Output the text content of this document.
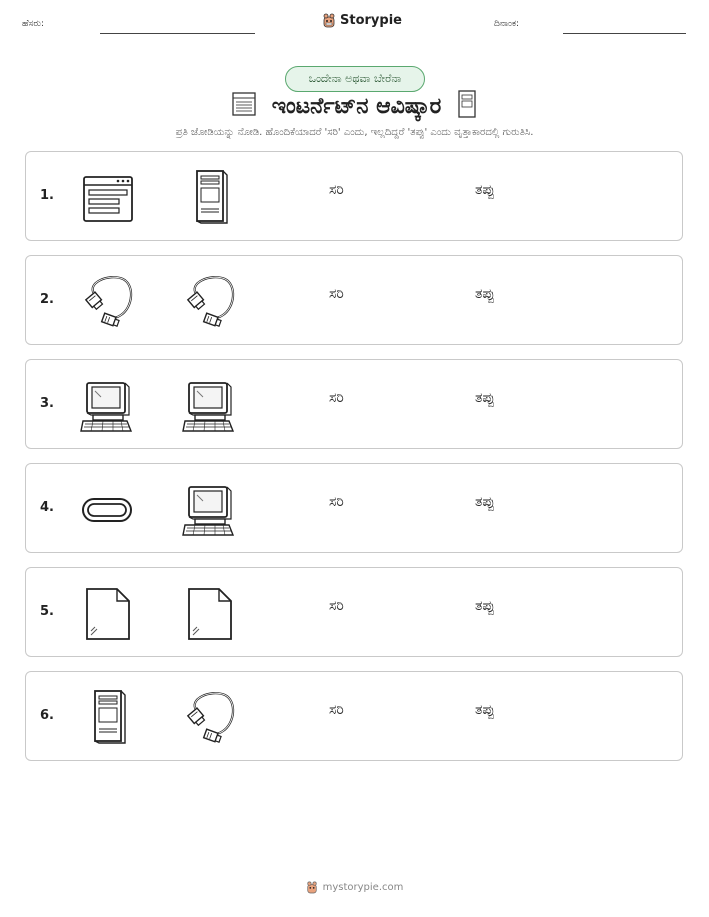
ಹೆಸರು:	Storypie	ದಿನಾಂಕ:
ಒಂದೇನಾ ಅಥವಾ ಬೇರೆನಾ
ಇಂಟರ್ನೆಟ್‌ನ ಆವಿಷ್ಕಾರ
ಪ್ರತಿ ಜೋಡಿಯನ್ನು ನೋಡಿ. ಹೊಂದಿಕೆಯಾದರೆ 'ಸರಿ' ಎಂದು, ಇಲ್ಲದಿದ್ದರೆ 'ತಪ್ಪು' ಎಂದು ವೃತ್ತಾಕಾರದಲ್ಲಿ ಗುರುತಿಸಿ.
1.	ಸರಿ	ತಪ್ಪು
2.	ಸರಿ	ತಪ್ಪು
3.	ಸರಿ	ತಪ್ಪು
4.	ಸರಿ	ತಪ್ಪು
5.	ಸರಿ	ತಪ್ಪು
6.	ಸರಿ	ತಪ್ಪು
mystorypie.com
